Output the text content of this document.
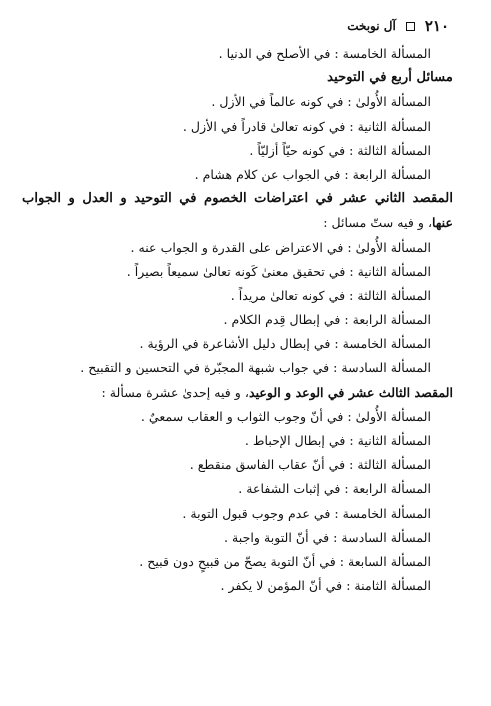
٢١٠
آل نوبخت
المسألة الخامسة : في الأصلح في الدنيا .
مسائل أربع في التوحيد
المسألة الأُولىٰ : في كونه عالماً في الأزل .
المسألة الثانية : في كونه تعالىٰ قادراً في الأزل .
المسألة الثالثة : في كونه حيّاً أزليّاً .
المسألة الرابعة : في الجواب عن كلام هشام .
المقصد الثاني عشر في اعتراضات الخصوم في التوحيد و العدل و الجواب
عنها، و فيه ستّ مسائل :
المسألة الأُولىٰ : في الاعتراض على القدرة و الجواب عنه .
المسألة الثانية : في تحقيق معنىٰ كَونه تعالىٰ سميعاً بصيراً .
المسألة الثالثة : في كونه تعالىٰ مريداً .
المسألة الرابعة : في إبطال قِدم الكلام .
المسألة الخامسة : في إبطال دليل الأشاعرة في الرؤية .
المسألة السادسة : في جواب شبهة المجبّرة في التحسين و التقبيح .
المقصد الثالث عشر في الوعد و الوعيد، و فيه إحدىٰ عشرة مسألة :
المسألة الأُولىٰ : في أنّ وجوب الثواب و العقاب سمعيٌ .
المسألة الثانية : في إبطال الإحباط .
المسألة الثالثة : في أنّ عقاب الفاسق منقطع .
المسألة الرابعة : في إثبات الشفاعة .
المسألة الخامسة : في عدم وجوب قبول التوبة .
المسألة السادسة : في أنّ التوبة واجبة .
المسألة السابعة : في أنّ التوبة يصحّ من قبيحٍ دون قبيح .
المسألة الثامنة : في أنّ المؤمن لا يكفر .
